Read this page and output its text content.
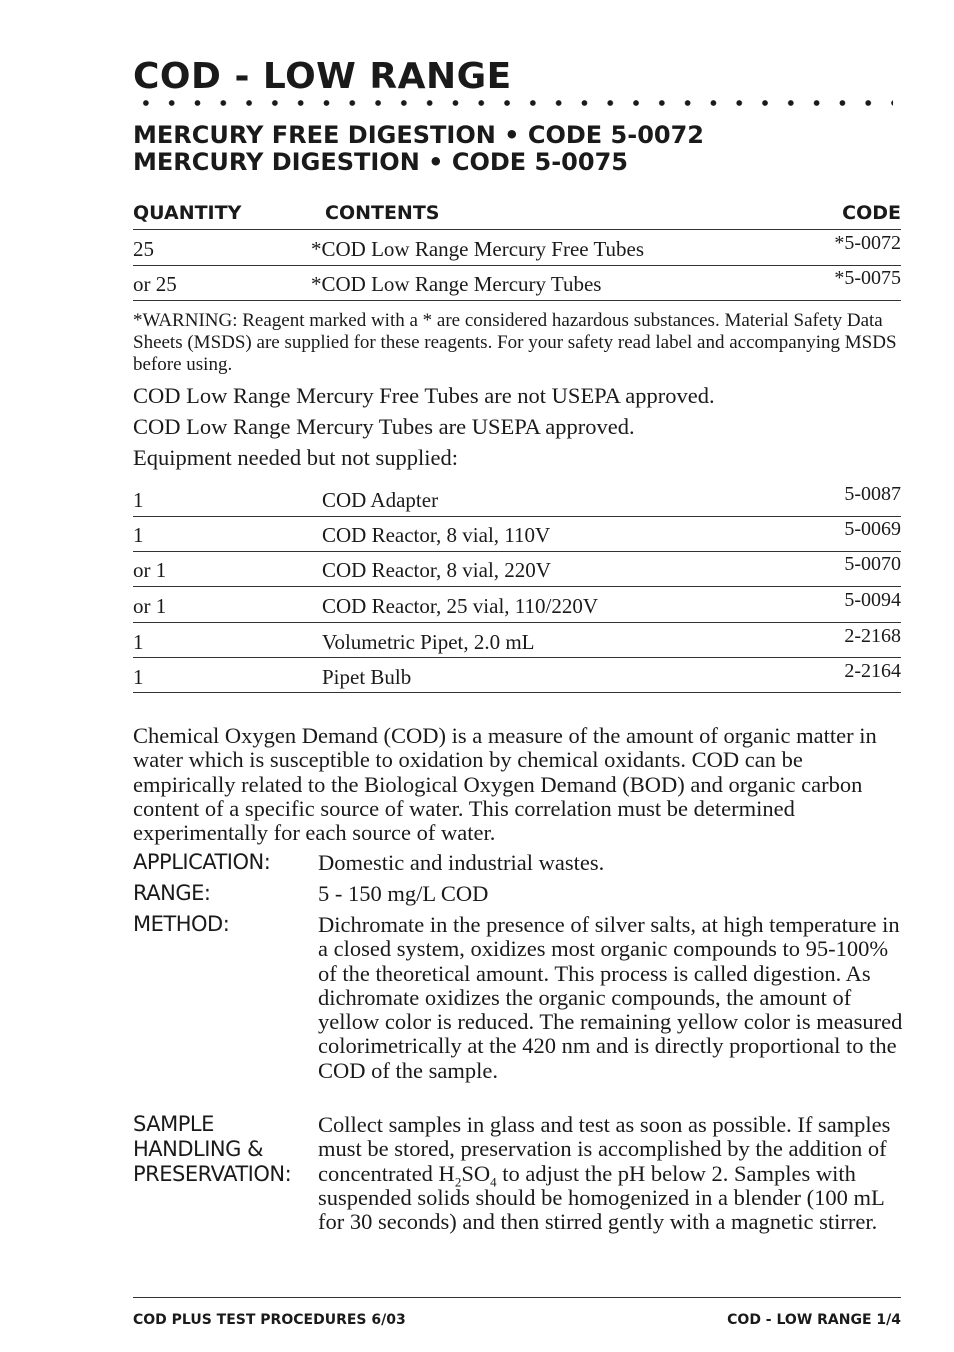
COD - LOW RANGE
MERCURY FREE DIGESTION • CODE 5-0072
MERCURY DIGESTION • CODE 5-0075
QUANTITY	CONTENTS	CODE
25	*COD Low Range Mercury Free Tubes	*5-0072
or 25	*COD Low Range Mercury Tubes	*5-0075

*WARNING: Reagent marked with a * are considered hazardous substances. Material Safety Data Sheets (MSDS) are supplied for these reagents. For your safety read label and accompanying MSDS before using.

COD Low Range Mercury Free Tubes are not USEPA approved.

COD Low Range Mercury Tubes are USEPA approved.

Equipment needed but not supplied:

1	COD Adapter	5-0087
1	COD Reactor, 8 vial, 110V	5-0069
or 1	COD Reactor, 8 vial, 220V	5-0070
or 1	COD Reactor, 25 vial, 110/220V	5-0094
1	Volumetric Pipet, 2.0 mL	2-2168
1	Pipet Bulb	2-2164

Chemical Oxygen Demand (COD) is a measure of the amount of organic matter in water which is susceptible to oxidation by chemical oxidants. COD can be empirically related to the Biological Oxygen Demand (BOD) and organic carbon content of a specific source of water. This correlation must be determined experimentally for each source of water.

APPLICATION: Domestic and industrial wastes.

RANGE:	5 - 150 mg/L COD

METHOD:	Dichromate in the presence of silver salts, at high temperature in a closed system, oxidizes most organic compounds to 95-100% of the theoretical amount. This process is called digestion. As dichromate oxidizes the organic compounds, the amount of yellow color is reduced. The remaining yellow color is measured colorimetrically at the 420 nm and is directly proportional to the COD of the sample.

SAMPLE
HANDLING &
PRESERVATION:

Collect samples in glass and test as soon as possible. If samples must be stored, preservation is accomplished by the addition of concentrated $H_2SO_4$ to adjust the pH below 2. Samples with suspended solids should be homogenized in a blender (100 mL for 30 seconds) and then stirred gently with a magnetic stirrer.

COD PLUS TEST PROCEDURES 6/03	COD - LOW RANGE 1/4
